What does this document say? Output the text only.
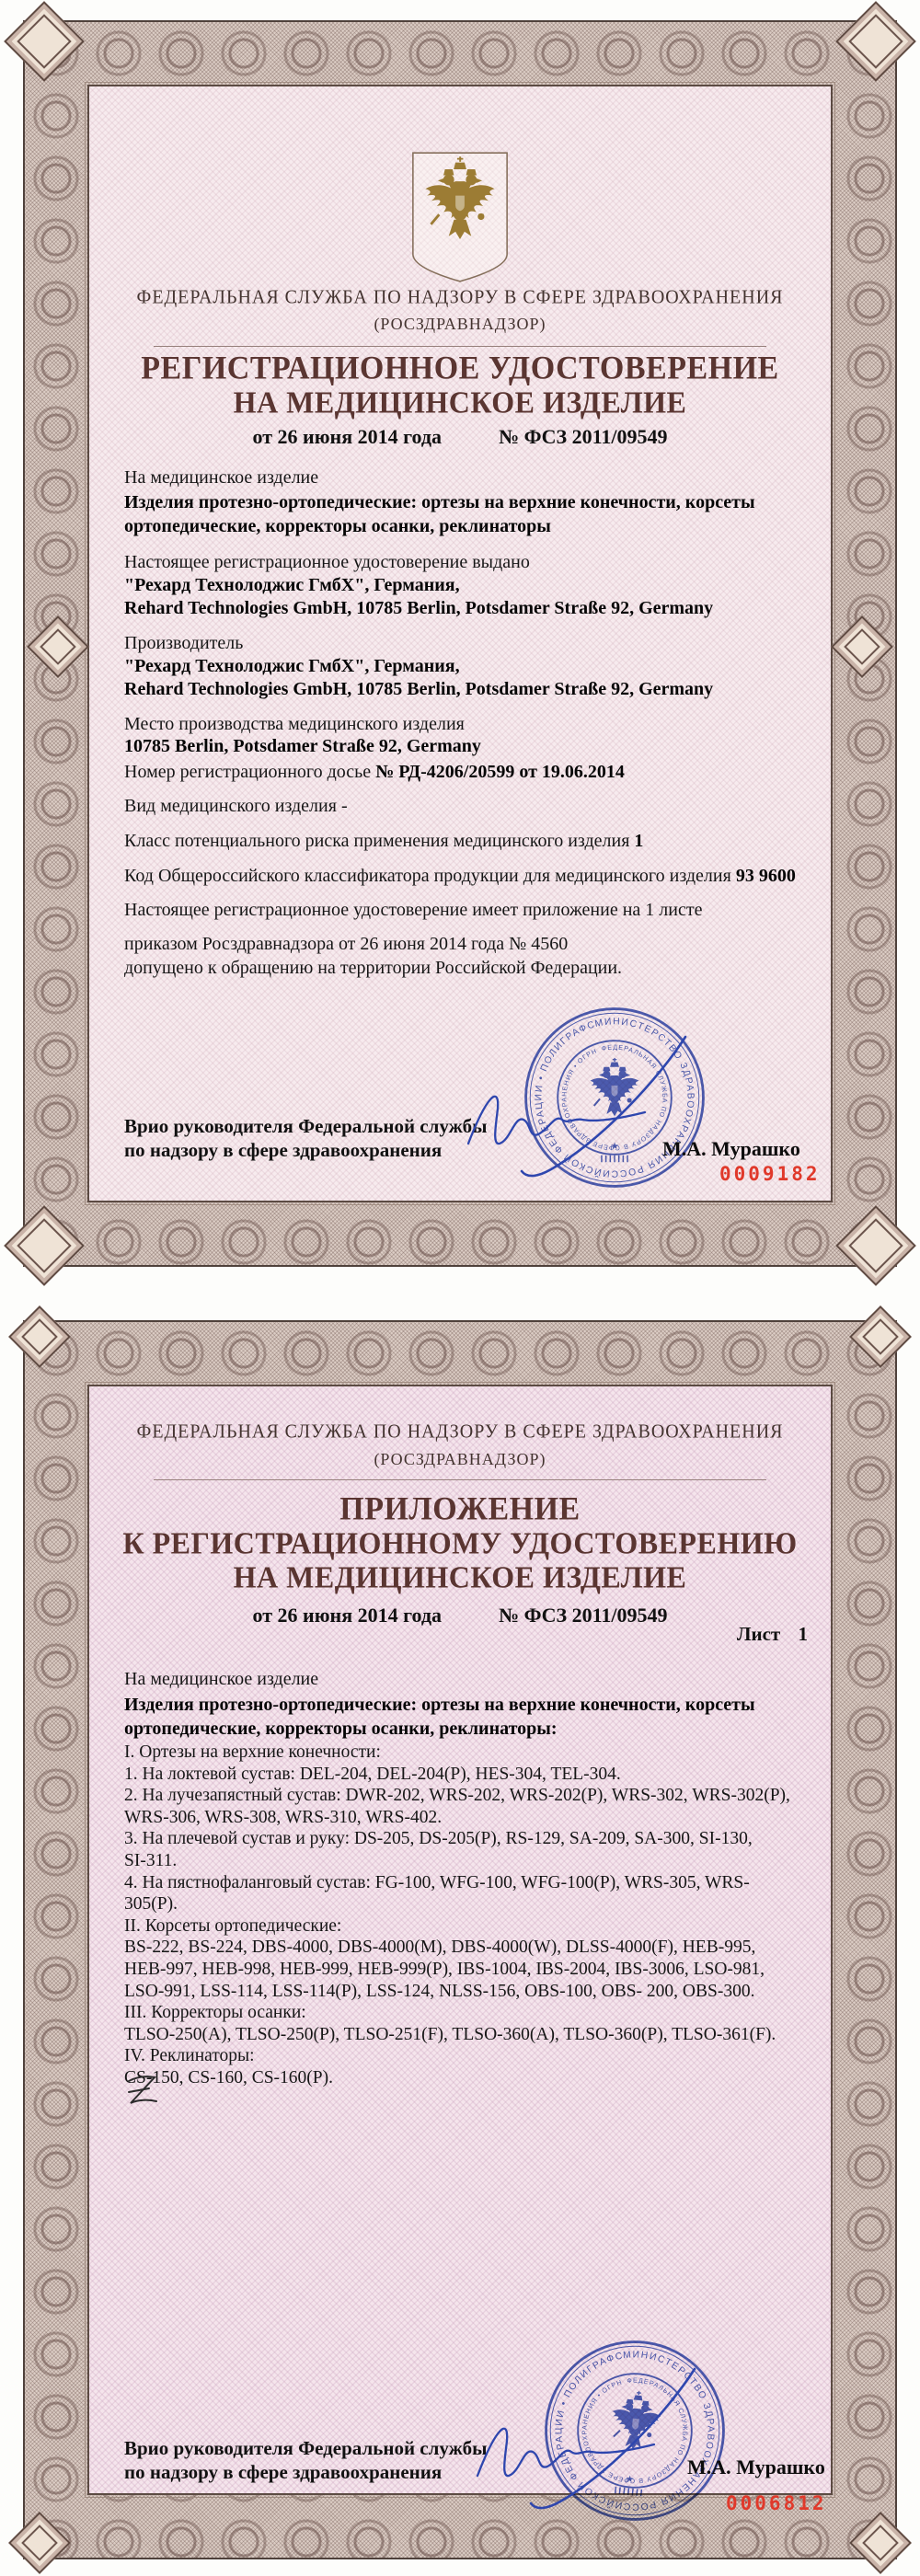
ФЕДЕРАЛЬНАЯ СЛУЖБА ПО НАДЗОРУ В СФЕРЕ ЗДРАВООХРАНЕНИЯ
(РОСЗДРАВНАДЗОР)
РЕГИСТРАЦИОННОЕ УДОСТОВЕРЕНИЕ
НА МЕДИЦИНСКОЕ ИЗДЕЛИЕ
от 26 июня 2014 года	№ ФСЗ 2011/09549
На медицинское изделие
Изделия протезно-ортопедические: ортезы на верхние конечности, корсеты
ортопедические, корректоры осанки, реклинаторы
Настоящее регистрационное удостоверение выдано
"Рехард Технолоджис ГмбХ", Германия,
Rehard Technologies GmbH, 10785 Berlin, Potsdamer Straße 92, Germany
Производитель
"Рехард Технолоджис ГмбХ", Германия,
Rehard Technologies GmbH, 10785 Berlin, Potsdamer Straße 92, Germany
Место производства медицинского изделия
10785 Berlin, Potsdamer Straße 92, Germany
Номер регистрационного досье № РД-4206/20599 от 19.06.2014
Вид медицинского изделия -
Класс потенциального риска применения медицинского изделия 1
Код Общероссийского классификатора продукции для медицинского изделия 93 9600
Настоящее регистрационное удостоверение имеет приложение на 1 листе
приказом Росздравнадзора от 26 июня 2014 года № 4560
допущено к обращению на территории Российской Федерации.
Врио руководителя Федеральной службы
по надзору в сфере здравоохранения	М.А. Мурашко
0009182
ФЕДЕРАЛЬНАЯ СЛУЖБА ПО НАДЗОРУ В СФЕРЕ ЗДРАВООХРАНЕНИЯ
(РОСЗДРАВНАДЗОР)
ПРИЛОЖЕНИЕ
К РЕГИСТРАЦИОННОМУ УДОСТОВЕРЕНИЮ
НА МЕДИЦИНСКОЕ ИЗДЕЛИЕ
от 26 июня 2014 года	№ ФСЗ 2011/09549
Лист 1
На медицинское изделие
Изделия протезно-ортопедические: ортезы на верхние конечности, корсеты
ортопедические, корректоры осанки, реклинаторы:
I. Ортезы на верхние конечности:
1. На локтевой сустав: DEL-204, DEL-204(P), HES-304, TEL-304.
2. На лучезапястный сустав: DWR-202, WRS-202, WRS-202(P), WRS-302, WRS-302(P),
WRS-306, WRS-308, WRS-310, WRS-402.
3. На плечевой сустав и руку: DS-205, DS-205(P), RS-129, SA-209, SA-300, SI-130,
SI-311.
4. На пястнофаланговый сустав: FG-100, WFG-100, WFG-100(P), WRS-305, WRS-
305(P).
II. Корсеты ортопедические:
BS-222, BS-224, DBS-4000, DBS-4000(M), DBS-4000(W), DLSS-4000(F), HEB-995,
HEB-997, HEB-998, HEB-999, HEB-999(P), IBS-1004, IBS-2004, IBS-3006, LSO-981,
LSO-991, LSS-114, LSS-114(P), LSS-124, NLSS-156, OBS-100, OBS- 200, OBS-300.
III. Корректоры осанки:
TLSO-250(A), TLSO-250(P), TLSO-251(F), TLSO-360(A), TLSO-360(P), TLSO-361(F).
IV. Реклинаторы:
CS-150, CS-160, CS-160(P).
Врио руководителя Федеральной службы
по надзору в сфере здравоохранения	М.А. Мурашко
0006812
